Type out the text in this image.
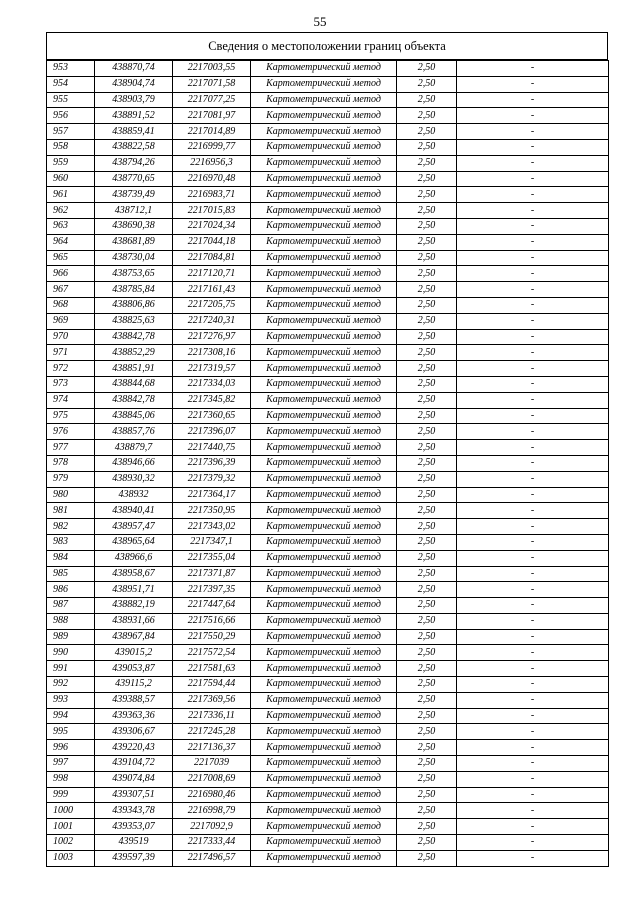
55
Сведения о местоположении границ объекта
953	438870,74	2217003,55	Картометрический метод	2,50	-
954	438904,74	2217071,58	Картометрический метод	2,50	-
955	438903,79	2217077,25	Картометрический метод	2,50	-
956	438891,52	2217081,97	Картометрический метод	2,50	-
957	438859,41	2217014,89	Картометрический метод	2,50	-
958	438822,58	2216999,77	Картометрический метод	2,50	-
959	438794,26	2216956,3	Картометрический метод	2,50	-
960	438770,65	2216970,48	Картометрический метод	2,50	-
961	438739,49	2216983,71	Картометрический метод	2,50	-
962	438712,1	2217015,83	Картометрический метод	2,50	-
963	438690,38	2217024,34	Картометрический метод	2,50	-
964	438681,89	2217044,18	Картометрический метод	2,50	-
965	438730,04	2217084,81	Картометрический метод	2,50	-
966	438753,65	2217120,71	Картометрический метод	2,50	-
967	438785,84	2217161,43	Картометрический метод	2,50	-
968	438806,86	2217205,75	Картометрический метод	2,50	-
969	438825,63	2217240,31	Картометрический метод	2,50	-
970	438842,78	2217276,97	Картометрический метод	2,50	-
971	438852,29	2217308,16	Картометрический метод	2,50	-
972	438851,91	2217319,57	Картометрический метод	2,50	-
973	438844,68	2217334,03	Картометрический метод	2,50	-
974	438842,78	2217345,82	Картометрический метод	2,50	-
975	438845,06	2217360,65	Картометрический метод	2,50	-
976	438857,76	2217396,07	Картометрический метод	2,50	-
977	438879,7	2217440,75	Картометрический метод	2,50	-
978	438946,66	2217396,39	Картометрический метод	2,50	-
979	438930,32	2217379,32	Картометрический метод	2,50	-
980	438932	2217364,17	Картометрический метод	2,50	-
981	438940,41	2217350,95	Картометрический метод	2,50	-
982	438957,47	2217343,02	Картометрический метод	2,50	-
983	438965,64	2217347,1	Картометрический метод	2,50	-
984	438966,6	2217355,04	Картометрический метод	2,50	-
985	438958,67	2217371,87	Картометрический метод	2,50	-
986	438951,71	2217397,35	Картометрический метод	2,50	-
987	438882,19	2217447,64	Картометрический метод	2,50	-
988	438931,66	2217516,66	Картометрический метод	2,50	-
989	438967,84	2217550,29	Картометрический метод	2,50	-
990	439015,2	2217572,54	Картометрический метод	2,50	-
991	439053,87	2217581,63	Картометрический метод	2,50	-
992	439115,2	2217594,44	Картометрический метод	2,50	-
993	439388,57	2217369,56	Картометрический метод	2,50	-
994	439363,36	2217336,11	Картометрический метод	2,50	-
995	439306,67	2217245,28	Картометрический метод	2,50	-
996	439220,43	2217136,37	Картометрический метод	2,50	-
997	439104,72	2217039	Картометрический метод	2,50	-
998	439074,84	2217008,69	Картометрический метод	2,50	-
999	439307,51	2216980,46	Картометрический метод	2,50	-
1000	439343,78	2216998,79	Картометрический метод	2,50	-
1001	439353,07	2217092,9	Картометрический метод	2,50	-
1002	439519	2217333,44	Картометрический метод	2,50	-
1003	439597,39	2217496,57	Картометрический метод	2,50	-
